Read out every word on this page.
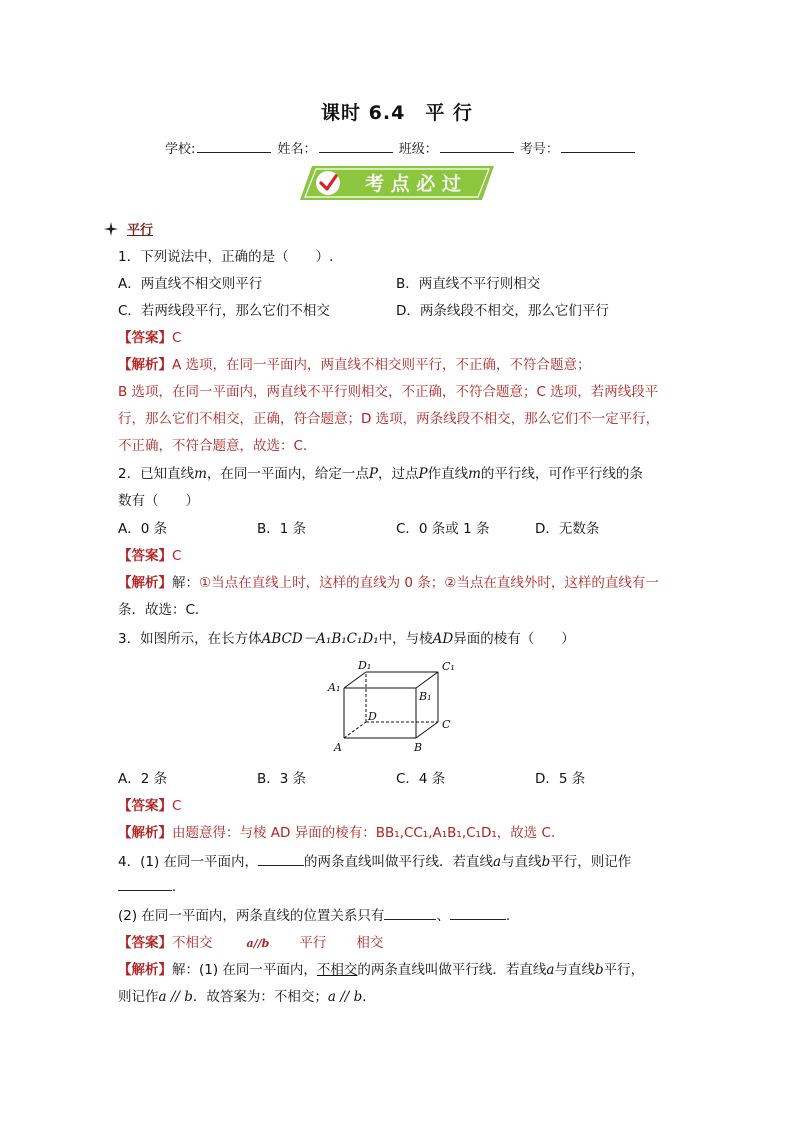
课时 6.4　平 行
学校:	姓名：	班级：	考号：
考 点 必 过
平行
1．下列说法中，正确的是（　　）.
A．两直线不相交则平行	B．两直线不平行则相交
C．若两线段平行，那么它们不相交	D．两条线段不相交，那么它们平行
【答案】C
【解析】A 选项，在同一平面内，两直线不相交则平行，不正确，不符合题意；
B 选项，在同一平面内，两直线不平行则相交，不正确，不符合题意；C 选项，若两线段平
行，那么它们不相交，正确，符合题意；D 选项，两条线段不相交，那么它们不一定平行，
不正确，不符合题意，故选：C．
2．已知直线m，在同一平面内，给定一点P，过点P作直线m的平行线，可作平行线的条
数有（　　）
A．0 条	B．1 条	C．0 条或 1 条	D．无数条
【答案】C
【解析】解：①当点在直线上时，这样的直线为 0 条；②当点在直线外时，这样的直线有一
条．故选：C．
3．如图所示，在长方体ABCD－A₁B₁C₁D₁中，与棱AD异面的棱有（　　）
D₁	C₁
A₁
B₁
D
C
A	B
A．2 条	B．3 条	C．4 条	D．5 条
【答案】C
【解析】由题意得：与棱 AD 异面的棱有：BB₁,CC₁,A₁B₁,C₁D₁，故选 C.
4．(1) 在同一平面内，	的两条直线叫做平行线．若直线a与直线b平行，则记作
.
(2) 在同一平面内，两条直线的位置关系只有	、	.
【答案】不相交	a//b 平行 相交
【解析】解：(1) 在同一平面内，不相交的两条直线叫做平行线．若直线a与直线b平行，
则记作a // b．故答案为：不相交；a // b．
